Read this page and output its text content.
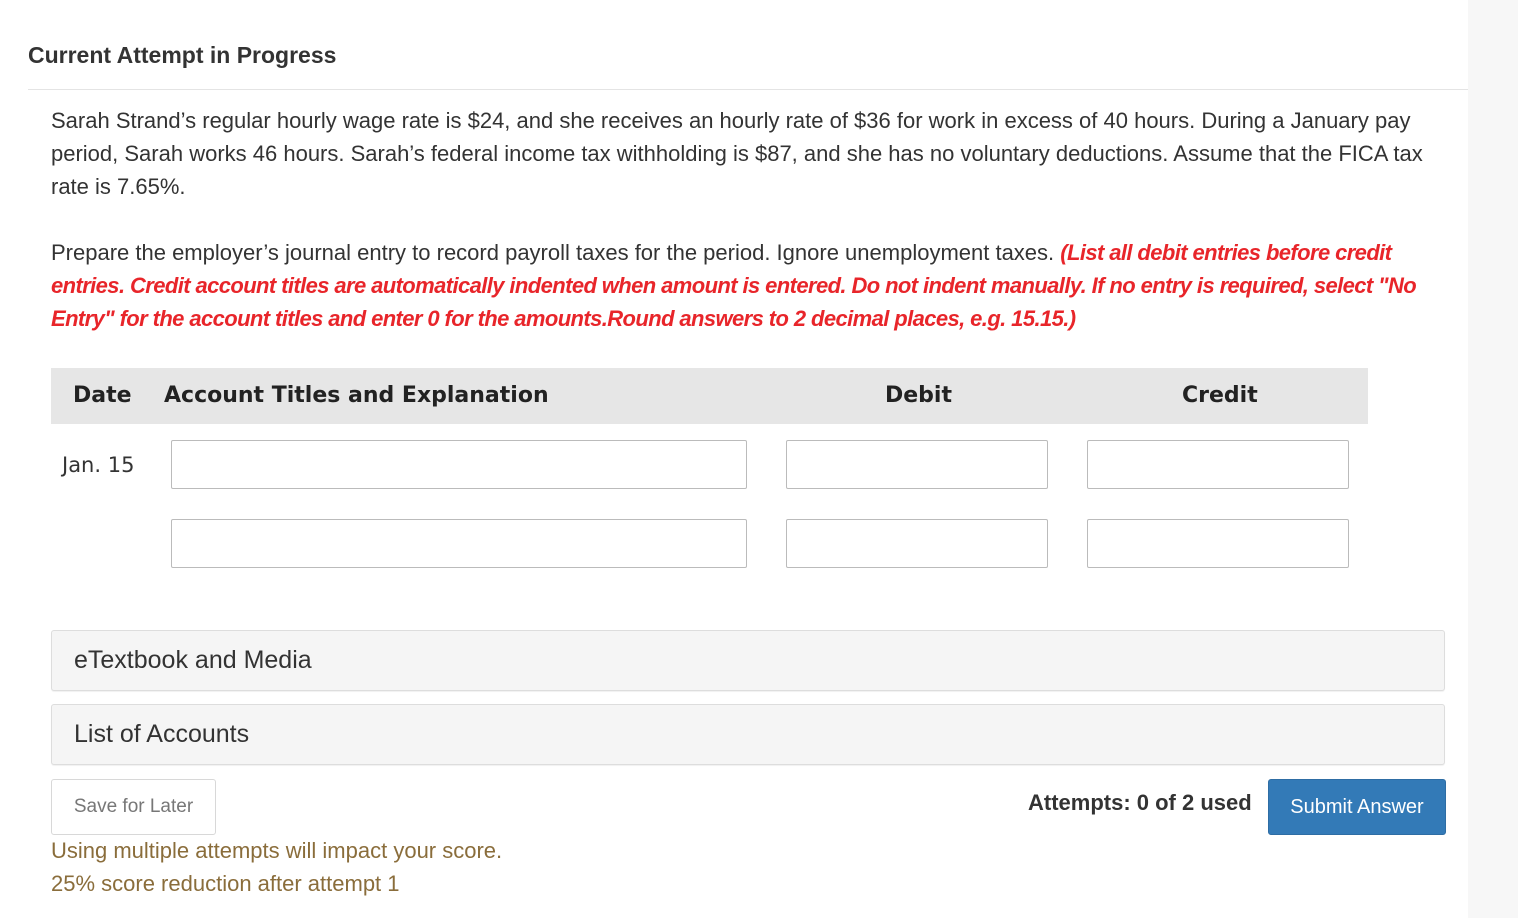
Current Attempt in Progress

Sarah Strand’s regular hourly wage rate is $24, and she receives an hourly rate of $36 for work in excess of 40 hours. During a January pay period, Sarah works 46 hours. Sarah’s federal income tax withholding is $87, and she has no voluntary deductions. Assume that the FICA tax rate is 7.65%.

Prepare the employer’s journal entry to record payroll taxes for the period. Ignore unemployment taxes. (List all debit entries before credit entries. Credit account titles are automatically indented when amount is entered. Do not indent manually. If no entry is required, select "No Entry" for the account titles and enter 0 for the amounts.Round answers to 2 decimal places, e.g. 15.15.)

Date Account Titles and Explanation	Debit	Credit
Jan. 15
eTextbook and Media
List of Accounts
Save for Later	Attempts: 0 of 2 used	Submit Answer
Using multiple attempts will impact your score.
25% score reduction after attempt 1
